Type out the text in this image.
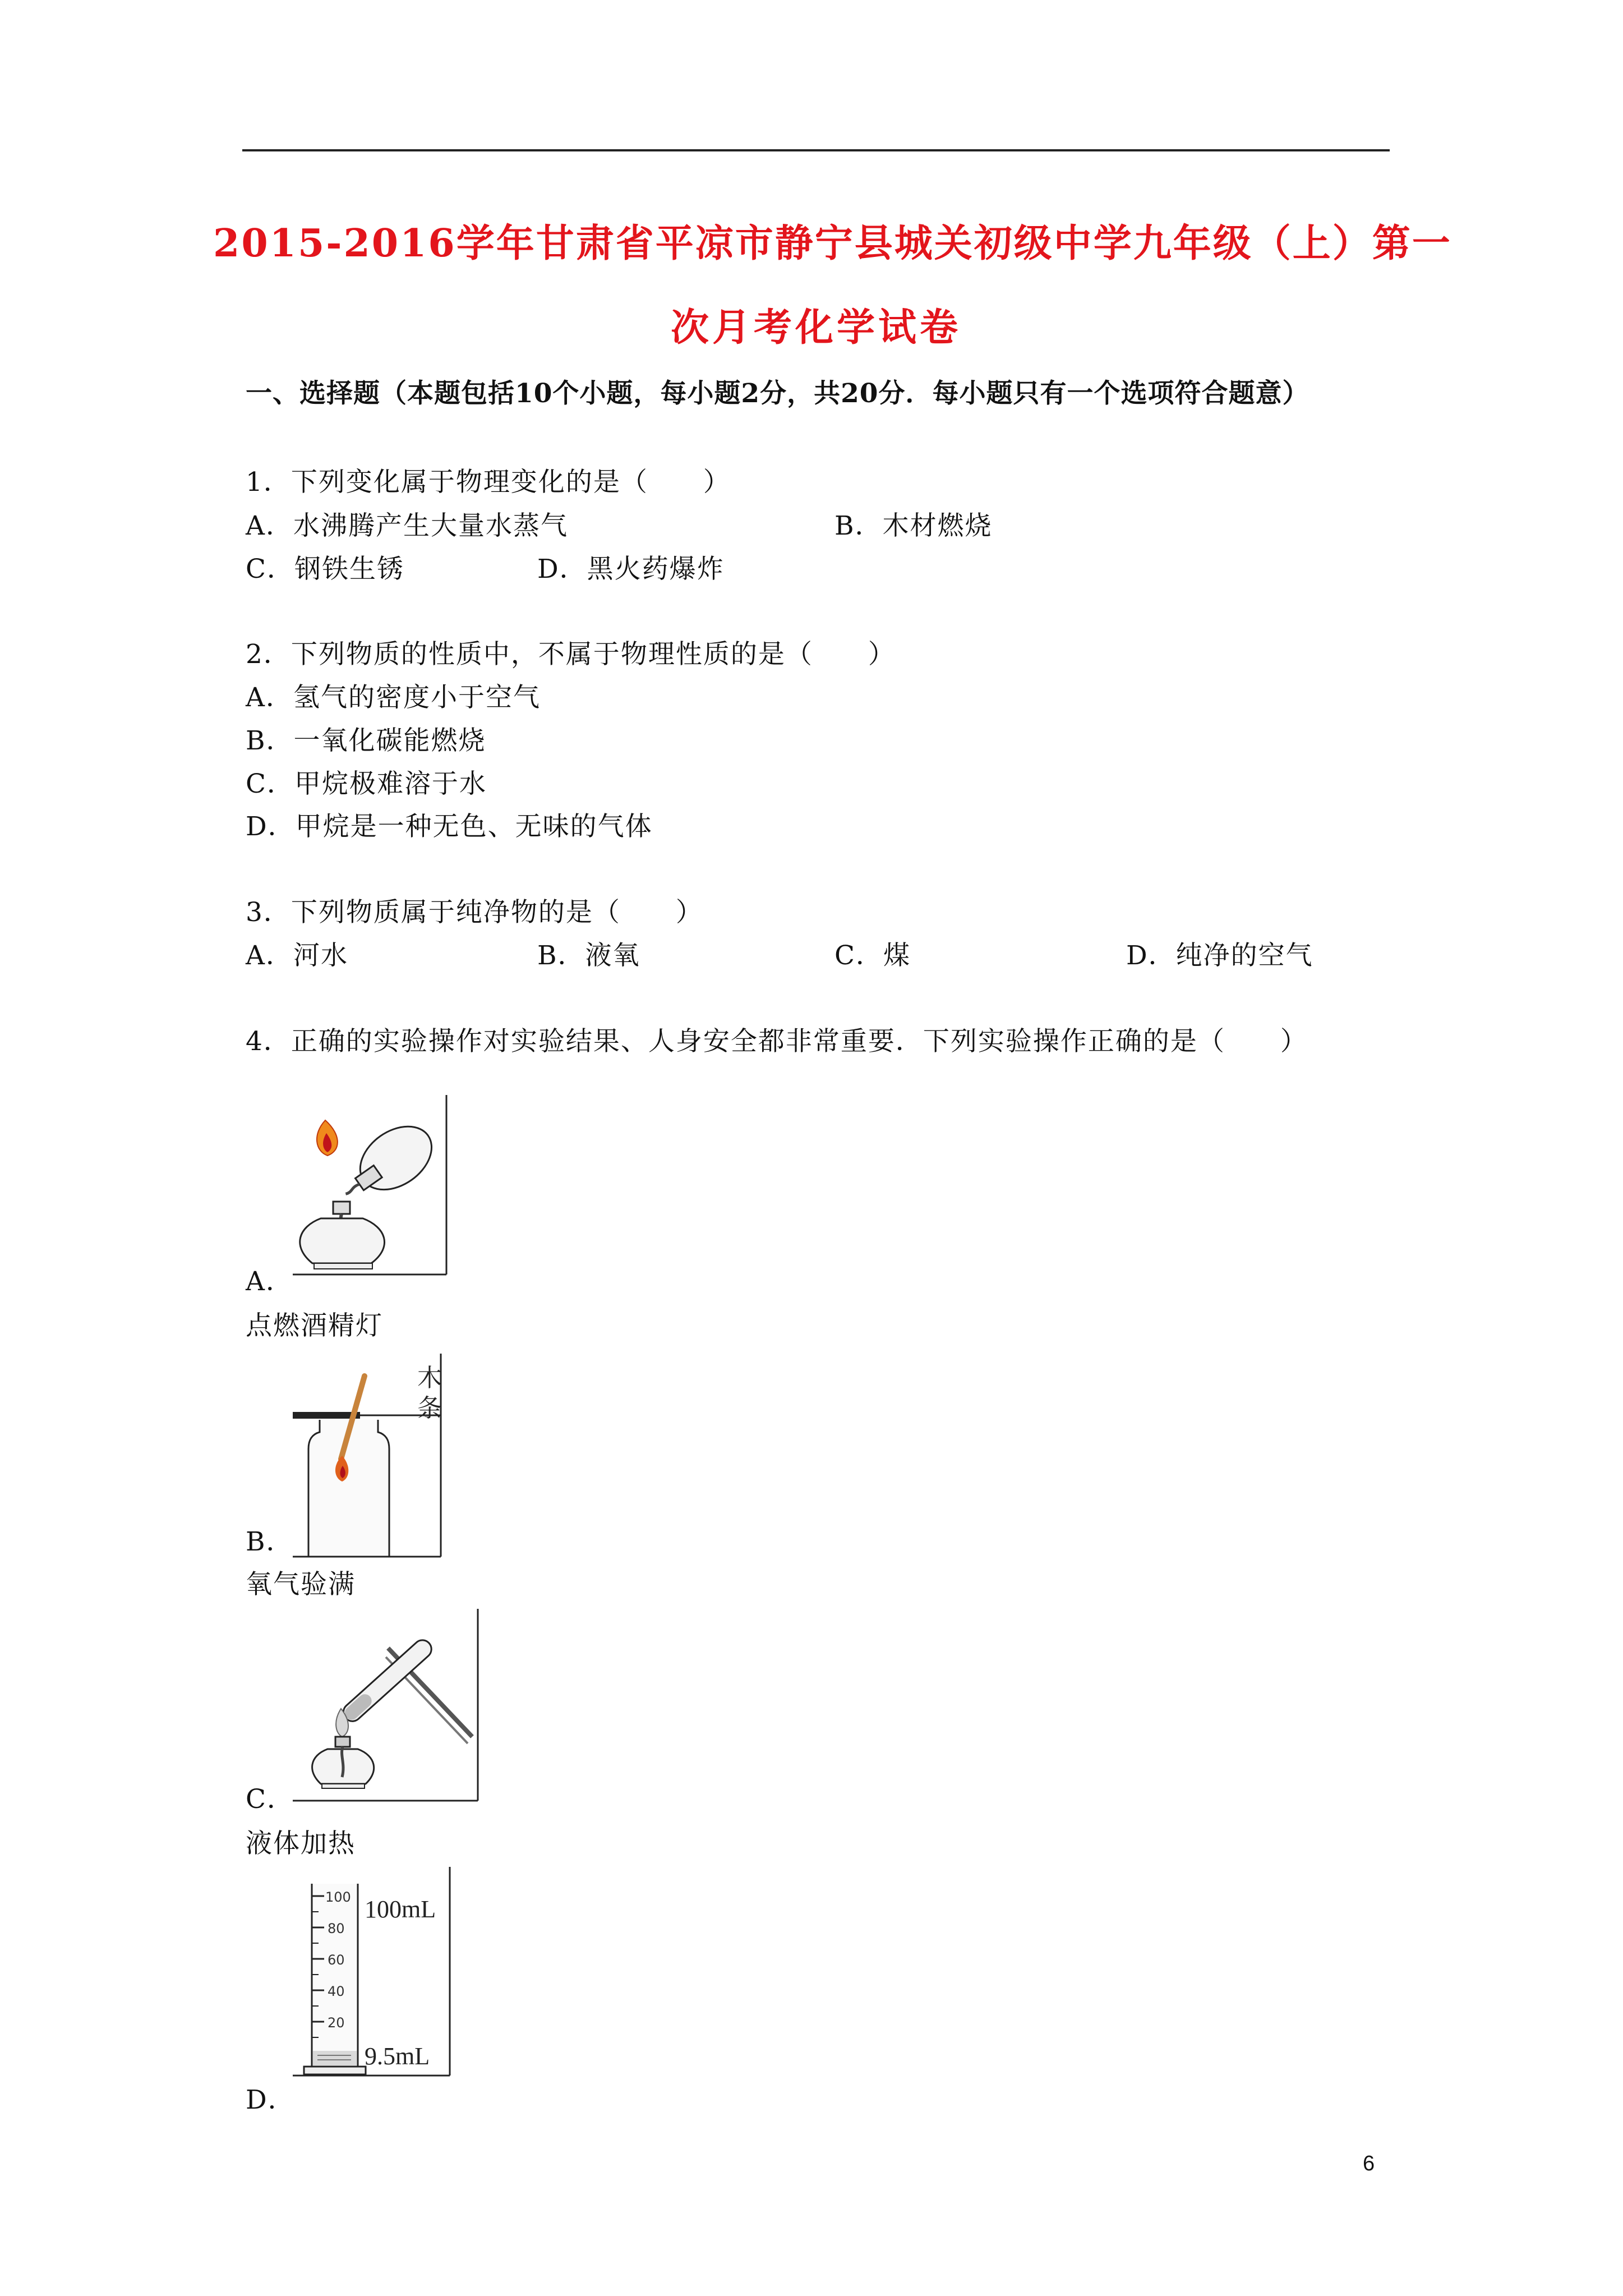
2015-2016学年甘肃省平凉市静宁县城关初级中学九年级（上）第一
次月考化学试卷
一、选择题（本题包括10个小题，每小题2分，共20分．每小题只有一个选项符合题意）
1．下列变化属于物理变化的是（　　）
A．水沸腾产生大量水蒸气	B．木材燃烧
C．钢铁生锈	D．黑火药爆炸
2．下列物质的性质中，不属于物理性质的是（　　）
A．氢气的密度小于空气
B．一氧化碳能燃烧
C．甲烷极难溶于水
D．甲烷是一种无色、无味的气体
3．下列物质属于纯净物的是（　　）
A．河水	B．液氧	C．煤	D．纯净的空气
4．正确的实验操作对实验结果、人身安全都非常重要．下列实验操作正确的是（　　）
A．
点燃酒精灯
木
条
B．
氧气验满
C．
液体加热
100
80
60
40
20
100mL
9.5mL
D．
6
